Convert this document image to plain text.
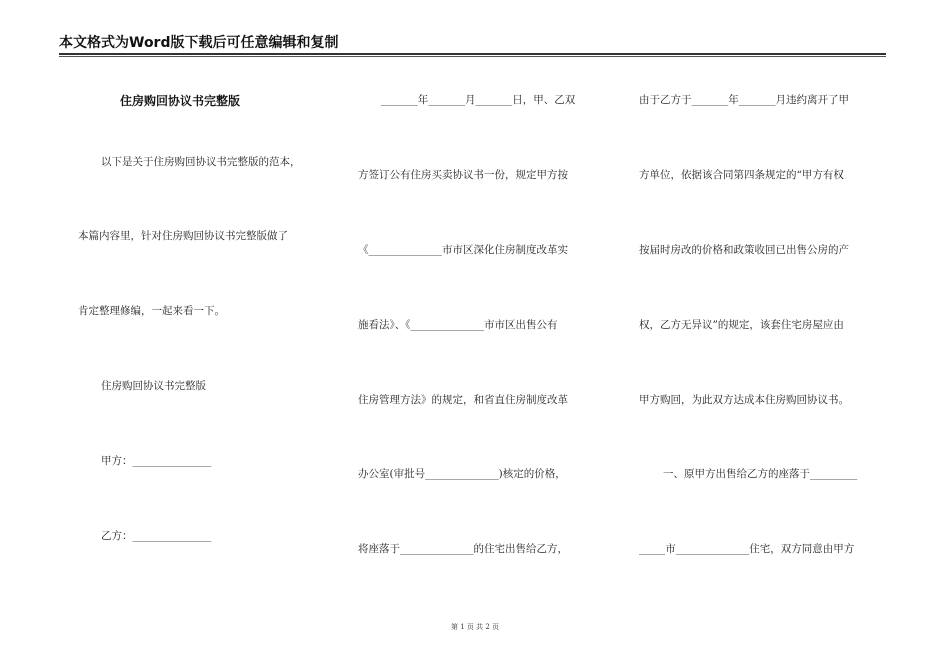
本文格式为Word版下载后可任意编辑和复制
住房购回协议书完整版
以下是关于住房购回协议书完整版的范本，
本篇内容里，针对住房购回协议书完整版做了
肯定整理修编，一起来看一下。
住房购回协议书完整版
甲方：_______________
乙方：_______________
_______年_______月_______日，甲、乙双
方签订公有住房买卖协议书一份，规定甲方按
《______________市市区深化住房制度改革实
施看法》、《______________市市区出售公有
住房管理方法》的规定，和省直住房制度改革
办公室(审批号______________)核定的价格，
将座落于______________的住宅出售给乙方，
由于乙方于_______年_______月违约离开了甲
方单位，依据该合同第四条规定的“甲方有权
按届时房改的价格和政策收回已出售公房的产
权，乙方无异议”的规定，该套住宅房屋应由
甲方购回，为此双方达成本住房购回协议书。
一、原甲方出售给乙方的座落于_________
_____市______________住宅，双方同意由甲方
第 1 页 共 2 页
